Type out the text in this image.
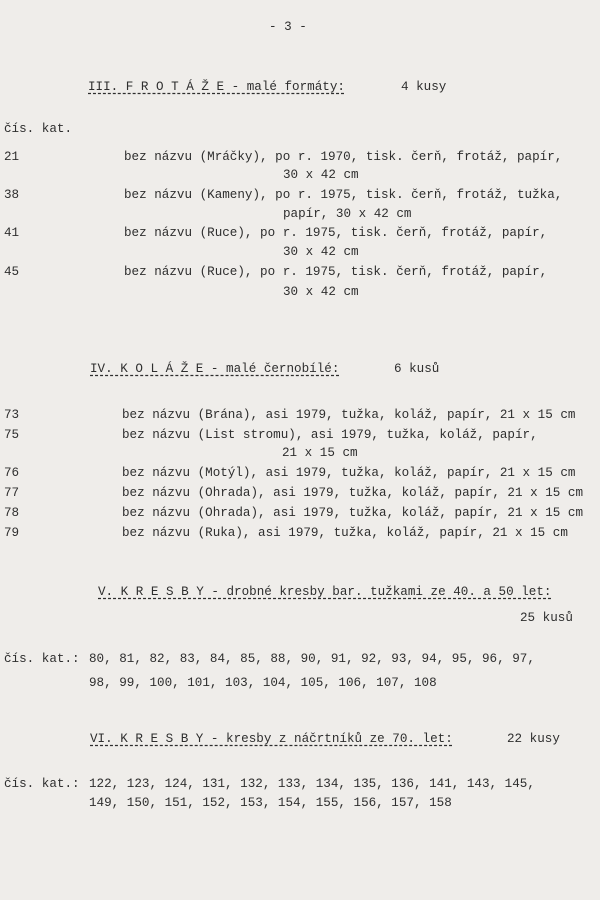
- 3 -
III. F R O T Á Ž E - malé formáty:	4 kusy
čís. kat.
21	bez názvu (Mráčky), po r. 1970, tisk. čerň, frotáž, papír,
30 x 42 cm
38	bez názvu (Kameny), po r. 1975, tisk. čerň, frotáž, tužka,
papír, 30 x 42 cm
41	bez názvu (Ruce), po r. 1975, tisk. čerň, frotáž, papír,
30 x 42 cm
45	bez názvu (Ruce), po r. 1975, tisk. čerň, frotáž, papír,
30 x 42 cm
IV. K O L Á Ž E - malé černobílé:	6 kusů
73	bez názvu (Brána), asi 1979, tužka, koláž, papír, 21 x 15 cm
75	bez názvu (List stromu), asi 1979, tužka, koláž, papír,
21 x 15 cm
76	bez názvu (Motýl), asi 1979, tužka, koláž, papír, 21 x 15 cm
77	bez názvu (Ohrada), asi 1979, tužka, koláž, papír, 21 x 15 cm
78	bez názvu (Ohrada), asi 1979, tužka, koláž, papír, 21 x 15 cm
79	bez názvu (Ruka), asi 1979, tužka, koláž, papír, 21 x 15 cm
V. K R E S B Y - drobné kresby bar. tužkami ze 40. a 50 let:
25 kusů
čís. kat.: 80, 81, 82, 83, 84, 85, 88, 90, 91, 92, 93, 94, 95, 96, 97,
98, 99, 100, 101, 103, 104, 105, 106, 107, 108
VI. K R E S B Y - kresby z náčrtníků ze 70. let:	22 kusy
čís. kat.: 122, 123, 124, 131, 132, 133, 134, 135, 136, 141, 143, 145,
149, 150, 151, 152, 153, 154, 155, 156, 157, 158
